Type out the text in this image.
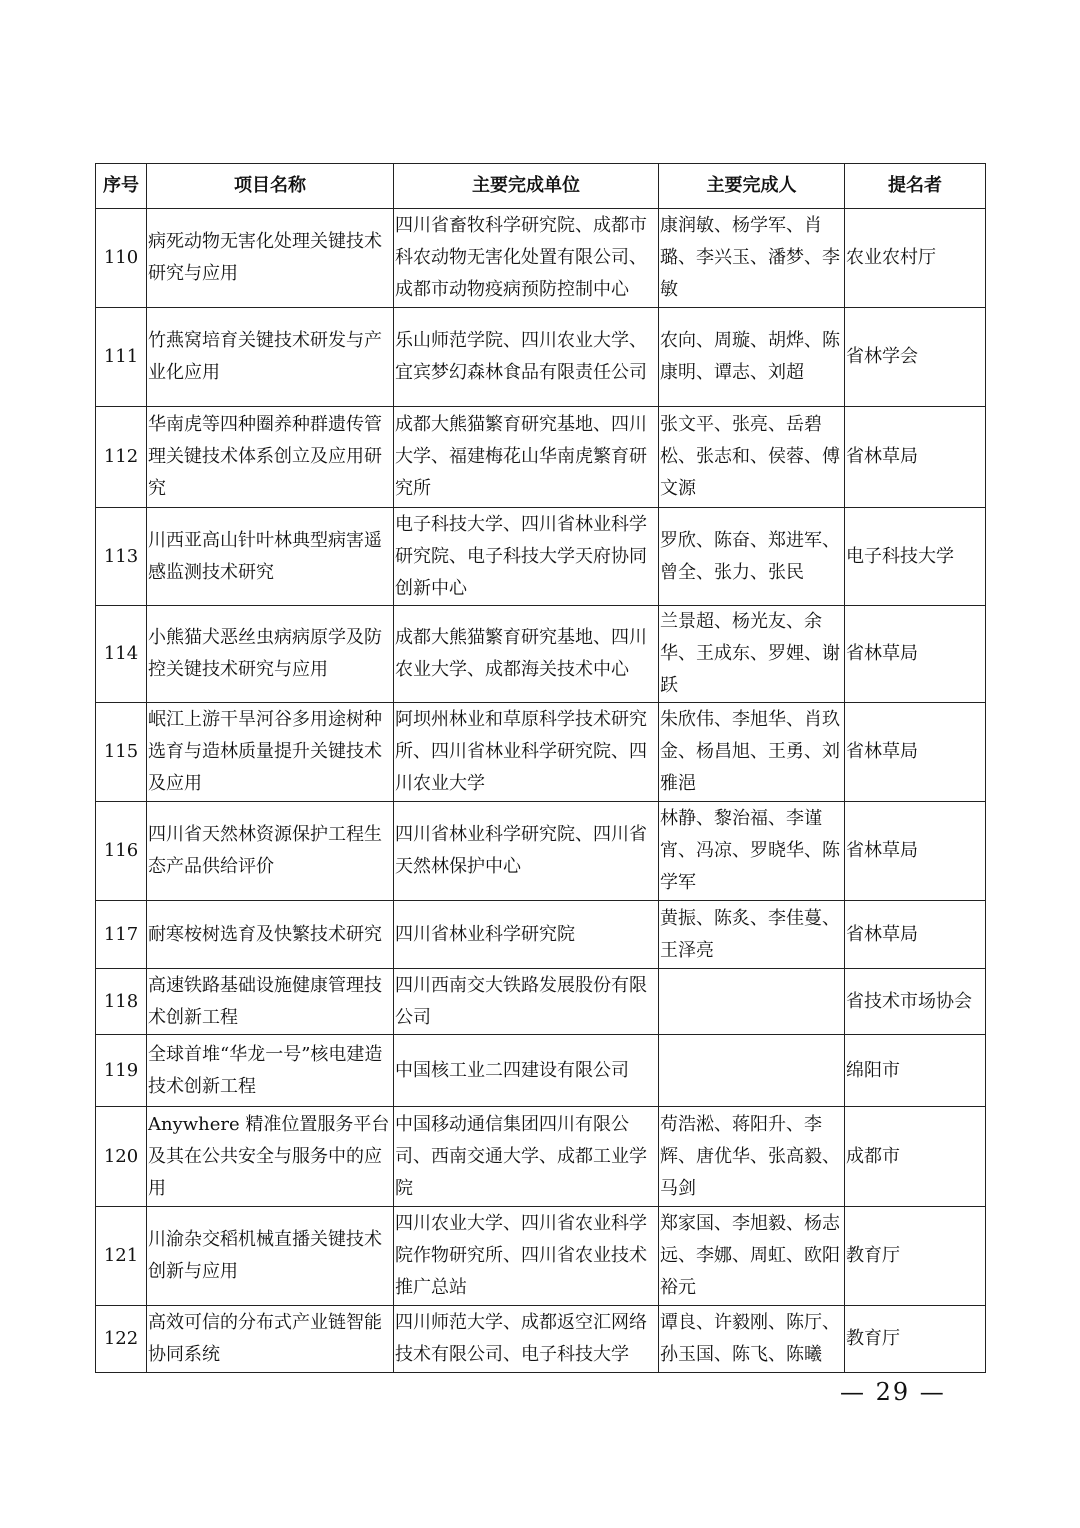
序号	项目名称	主要完成单位	主要完成人	提名者
110	病死动物无害化处理关键技术研究与应用	四川省畜牧科学研究院、成都市科农动物无害化处置有限公司、成都市动物疫病预防控制中心	康润敏、杨学军、肖璐、李兴玉、潘梦、李敏	农业农村厅
111	竹燕窝培育关键技术研发与产业化应用	乐山师范学院、四川农业大学、宜宾梦幻森林食品有限责任公司	农向、周璇、胡烨、陈康明、谭志、刘超	省林学会
112	华南虎等四种圈养种群遗传管理关键技术体系创立及应用研究	成都大熊猫繁育研究基地、四川大学、福建梅花山华南虎繁育研究所	张文平、张亮、岳碧松、张志和、侯蓉、傅文源	省林草局
113	川西亚高山针叶林典型病害遥感监测技术研究	电子科技大学、四川省林业科学研究院、电子科技大学天府协同创新中心	罗欣、陈奋、郑进军、曾全、张力、张民	电子科技大学
114	小熊猫犬恶丝虫病病原学及防控关键技术研究与应用	成都大熊猫繁育研究基地、四川农业大学、成都海关技术中心	兰景超、杨光友、余华、王成东、罗娌、谢跃	省林草局
115	岷江上游干旱河谷多用途树种选育与造林质量提升关键技术及应用	阿坝州林业和草原科学技术研究所、四川省林业科学研究院、四川农业大学	朱欣伟、李旭华、肖玖金、杨昌旭、王勇、刘雅浥	省林草局
116	四川省天然林资源保护工程生态产品供给评价	四川省林业科学研究院、四川省天然林保护中心	林静、黎治福、李谨宵、冯凉、罗晓华、陈学军	省林草局
117	耐寒桉树选育及快繁技术研究	四川省林业科学研究院	黄振、陈炙、李佳蔓、王泽亮	省林草局
118	高速铁路基础设施健康管理技术创新工程	四川西南交大铁路发展股份有限公司		省技术市场协会
119	全球首堆“华龙一号”核电建造技术创新工程	中国核工业二四建设有限公司		绵阳市
120	Anywhere 精准位置服务平台及其在公共安全与服务中的应用	中国移动通信集团四川有限公司、西南交通大学、成都工业学院	苟浩淞、蒋阳升、李辉、唐优华、张高毅、马剑	成都市
121	川渝杂交稻机械直播关键技术创新与应用	四川农业大学、四川省农业科学院作物研究所、四川省农业技术推广总站	郑家国、李旭毅、杨志远、李娜、周虹、欧阳裕元	教育厅
122	高效可信的分布式产业链智能协同系统	四川师范大学、成都返空汇网络技术有限公司、电子科技大学	谭良、许毅刚、陈厅、孙玉国、陈飞、陈曦	教育厅
— 29 —
